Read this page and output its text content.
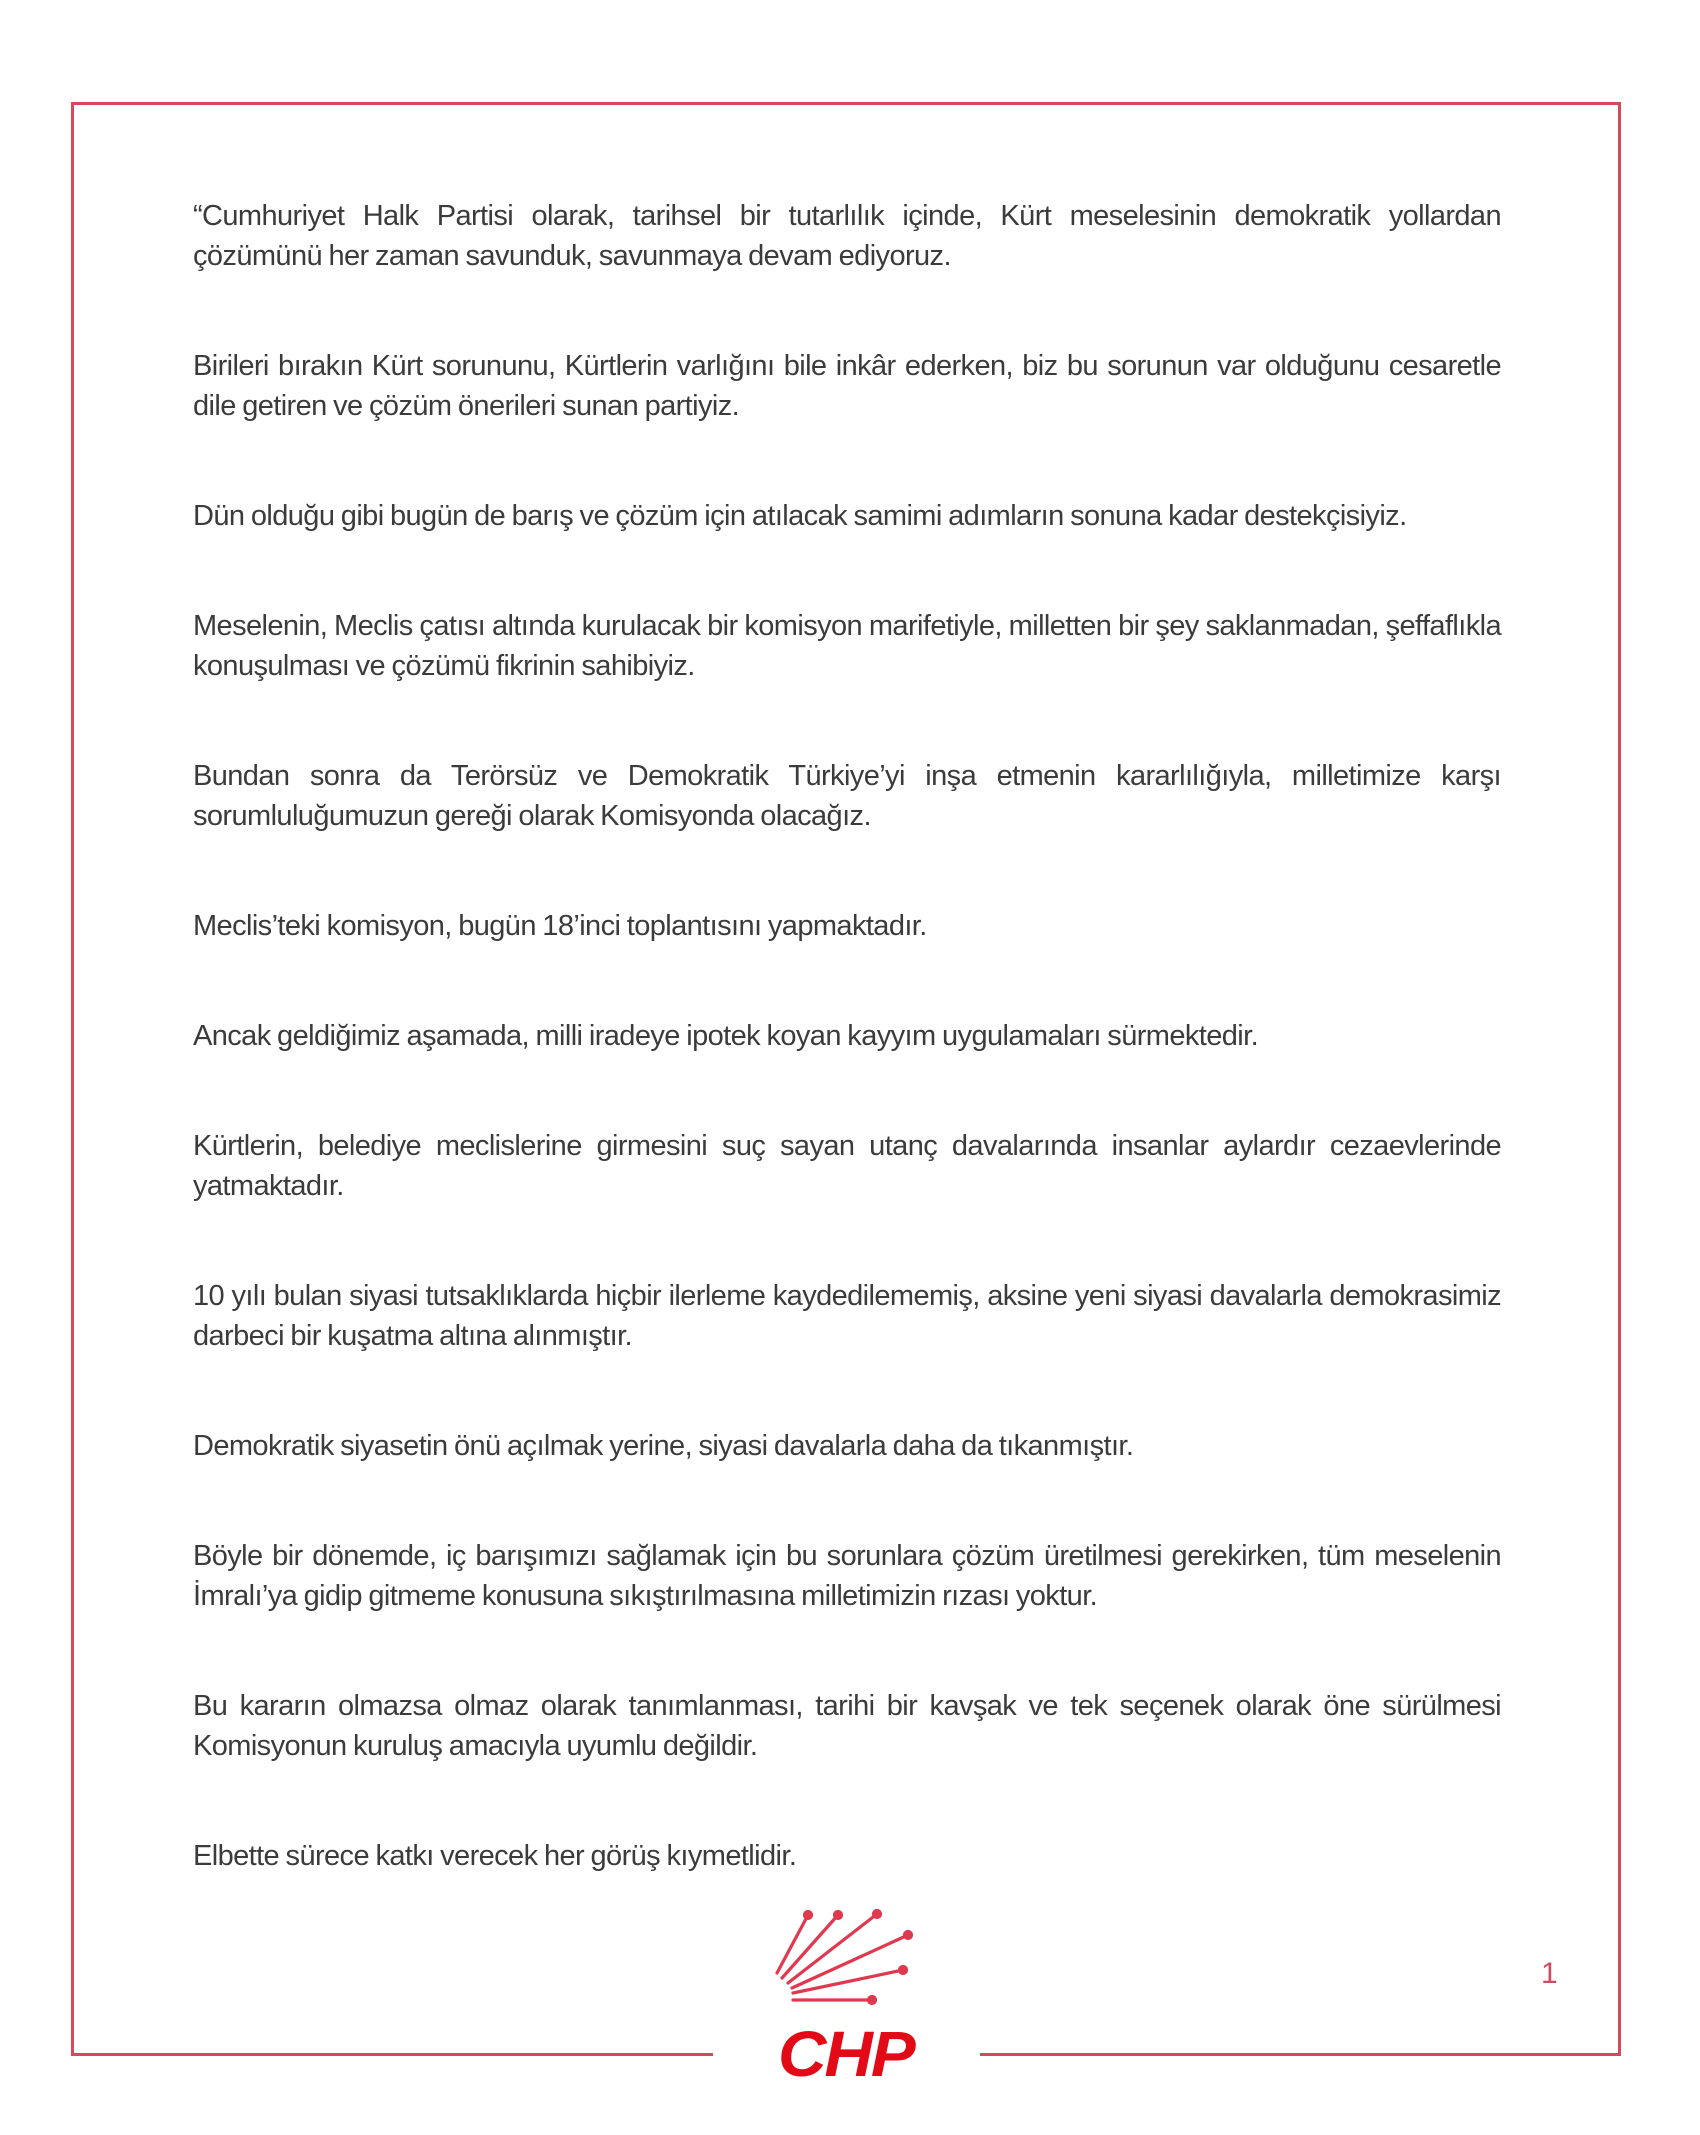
“Cumhuriyet Halk Partisi olarak, tarihsel bir tutarlılık içinde, Kürt meselesinin demokratik yollardan çözümünü her zaman savunduk, savunmaya devam ediyoruz.

Birileri bırakın Kürt sorununu, Kürtlerin varlığını bile inkâr ederken, biz bu sorunun var olduğunu cesaretle dile getiren ve çözüm önerileri sunan partiyiz.

Dün olduğu gibi bugün de barış ve çözüm için atılacak samimi adımların sonuna kadar destekçisiyiz.

Meselenin, Meclis çatısı altında kurulacak bir komisyon marifetiyle, milletten bir şey saklanmadan, şeffaflıkla konuşulması ve çözümü fikrinin sahibiyiz.

Bundan sonra da Terörsüz ve Demokratik Türkiye’yi inşa etmenin kararlılığıyla, milletimize karşı sorumluluğumuzun gereği olarak Komisyonda olacağız.

Meclis’teki komisyon, bugün 18’inci toplantısını yapmaktadır.

Ancak geldiğimiz aşamada, milli iradeye ipotek koyan kayyım uygulamaları sürmektedir.

Kürtlerin, belediye meclislerine girmesini suç sayan utanç davalarında insanlar aylardır cezaevlerinde yatmaktadır.

10 yılı bulan siyasi tutsaklıklarda hiçbir ilerleme kaydedilememiş, aksine yeni siyasi davalarla demokrasimiz darbeci bir kuşatma altına alınmıştır.

Demokratik siyasetin önü açılmak yerine, siyasi davalarla daha da tıkanmıştır.

Böyle bir dönemde, iç barışımızı sağlamak için bu sorunlara çözüm üretilmesi gerekirken, tüm meselenin İmralı’ya gidip gitmeme konusuna sıkıştırılmasına milletimizin rızası yoktur.

Bu kararın olmazsa olmaz olarak tanımlanması, tarihi bir kavşak ve tek seçenek olarak öne sürülmesi Komisyonun kuruluş amacıyla uyumlu değildir.

Elbette sürece katkı verecek her görüş kıymetlidir.

1
CHP
